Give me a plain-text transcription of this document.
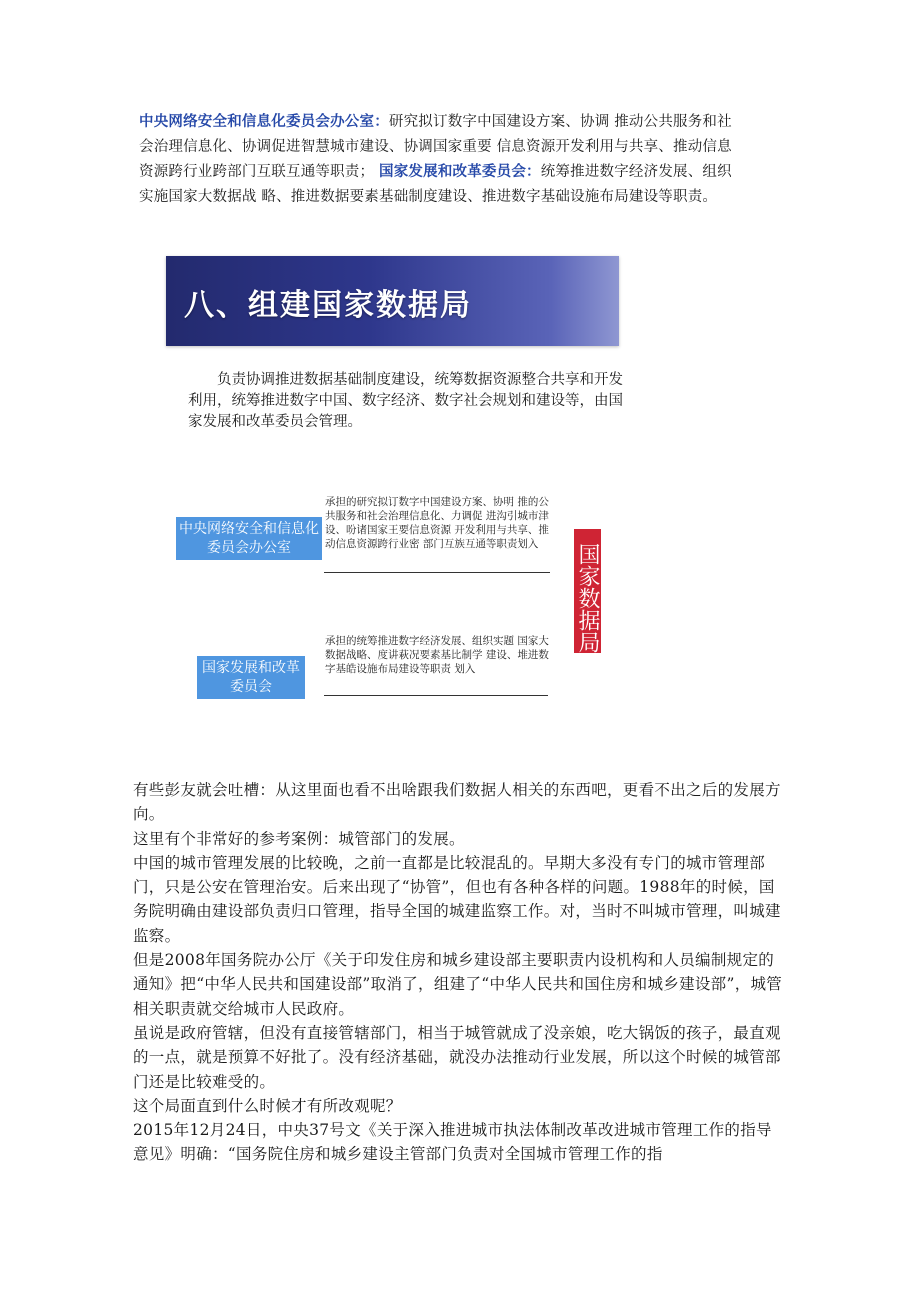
中央网络安全和信息化委员会办公室：研究拟订数字中国建设方案、协调 推动公共服务和社会治理信息化、协调促进智慧城市建设、协调国家重要 信息资源开发利用与共享、推动信息资源跨行业跨部门互联互通等职责； 国家发展和改革委员会：统筹推进数字经济发展、组织实施国家大数据战 略、推进数据要素基础制度建设、推进数字基础设施布局建设等职责。

八、组建国家数据局

　　负责协调推进数据基础制度建设，统筹数据资源整合共享和开发利用，统筹推进数字中国、数字经济、数字社会规划和建设等，由国家发展和改革委员会管理。

中央网络安全和信息化委员会办公室

承担的研究拟订数字中国建设方案、协明 推的公共服务和社会治理信息化、力调促 进沟引城市津设、吩诸国家王要信息资源 开发利用与共享、推动信息资源跨行业密 部门互族互通等职责划入

国家发展和改革委员会

承担的统筹推进数字经济发展、组织实题 国家大数据战略、度讲萩况要素基比制学 建设、堆进数字基皓设施布局建设等职责 划入

国家数据局

有些彭友就会吐槽：从这里面也看不出啥跟我们数据人相关的东西吧，更看不出之后的发展方向。

这里有个非常好的参考案例：城管部门的发展。

中国的城市管理发展的比较晚，之前一直都是比较混乱的。早期大多没有专门的城市管理部门，只是公安在管理治安。后来出现了“协管”，但也有各种各样的问题。1988年的时候，国务院明确由建设部负责归口管理，指导全国的城建监察工作。对，当时不叫城市管理，叫城建监察。

但是2008年国务院办公厅《关于印发住房和城乡建设部主要职责内设机构和人员编制规定的通知》把“中华人民共和国建设部”取消了，组建了“中华人民共和国住房和城乡建设部”，城管相关职责就交给城市人民政府。

虽说是政府管辖，但没有直接管辖部门，相当于城管就成了没亲娘，吃大锅饭的孩子，最直观的一点，就是预算不好批了。没有经济基础，就没办法推动行业发展，所以这个时候的城管部门还是比较难受的。

这个局面直到什么时候才有所改观呢？

2015年12月24日，中央37号文《关于深入推进城市执法体制改革改进城市管理工作的指导意见》明确：“国务院住房和城乡建设主管部门负责对全国城市管理工作的指
